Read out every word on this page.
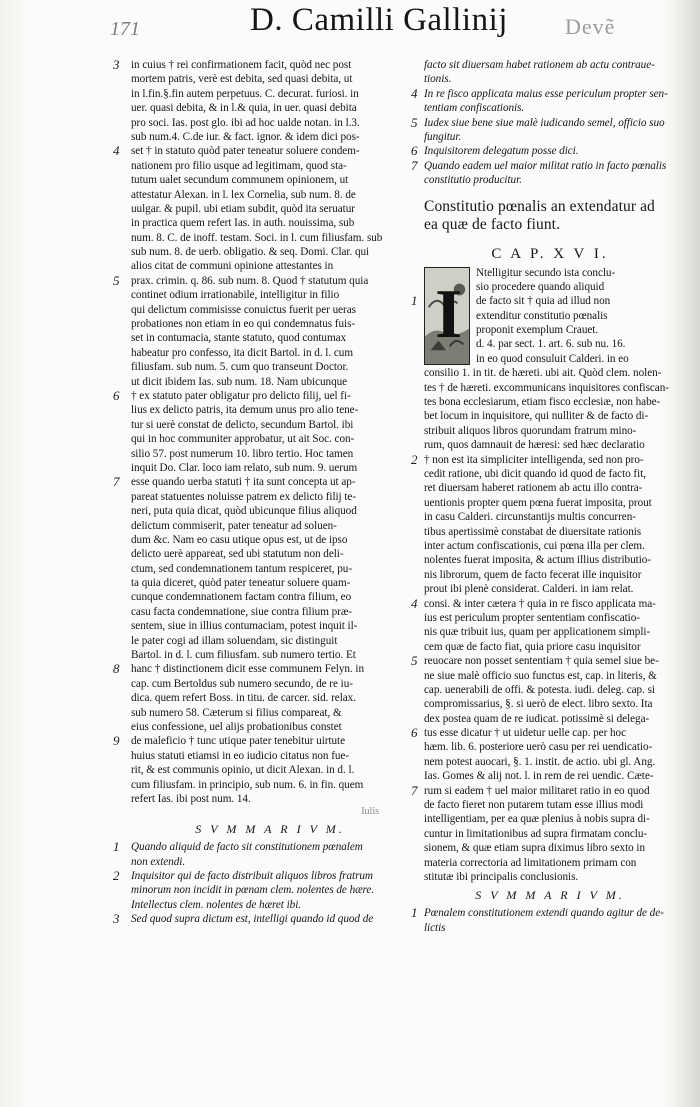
171	D. Camilli Gallinij	Devẽ
3 in cuius † rei confirmationem facit, quòd nec post
mortem patris, verè est debita, sed quasi debita, ut
in l.fin.§.fin autem perpetuus. C. decurat. furiosi. in
uer. quasi debita, & in l.& quia, in uer. quasi debita
pro soci. Ias. post glo. ibi ad hoc ualde notan. in l.3.
sub num.4. C.de iur. & fact. ignor. & idem dici pos-
4 set † in statuto quòd pater teneatur soluere condem-
nationem pro filio usque ad legitimam, quod sta-
tutum ualet secundum communem opinionem, ut
attestatur Alexan. in l. lex Cornelia, sub num. 8. de
uulgar. & pupil. ubi etiam subdit, quòd ita seruatur
in practica quem refert Ias. in auth. nouissima, sub
num. 8. C. de inoff. testam. Soci. in l. cum filiusfam. sub
sub num. 8. de uerb. obligatio. & seq. Domi. Clar. qui
alios citat de communi opinione attestantes in
5 prax. crimin. q. 86. sub num. 8. Quod † statutum quia
continet odium irrationabile, intelligitur in filio
qui delictum commisisse conuictus fuerit per ueras
probationes non etiam in eo qui condemnatus fuis-
set in contumacia, stante statuto, quod contumax
habeatur pro confesso, ita dicit Bartol. in d. l. cum
filiusfam. sub num. 5. cum quo transeunt Doctor.
ut dicit ibidem Ias. sub num. 18. Nam ubicunque
6 † ex statuto pater obligatur pro delicto filij, uel fi-
lius ex delicto patris, ita demum unus pro alio tene-
tur si uerè constat de delicto, secundum Bartol. ibi
qui in hoc communiter approbatur, ut ait Soc. con-
silio 57. post numerum 10. libro tertio. Hoc tamen
inquit Do. Clar. loco iam relato, sub num. 9. uerum
7 esse quando uerba statuti † ita sunt concepta ut ap-
pareat statuentes noluisse patrem ex delicto filij te-
neri, puta quia dicat, quòd ubicunque filius aliquod
delictum commiserit, pater teneatur ad soluen-
dum &c. Nam eo casu utique opus est, ut de ipso
delicto uerè appareat, sed ubi statutum non deli-
ctum, sed condemnationem tantum respiceret, pu-
ta quia diceret, quòd pater teneatur soluere quam-
cunque condemnationem factam contra filium, eo
casu facta condemnatione, siue contra filium præ-
sentem, siue in illius contumaciam, potest inquit il-
le pater cogi ad illam soluendam, sic distinguit
Bartol. in d. l. cum filiusfam. sub numero tertio. Et
8 hanc † distinctionem dicit esse communem Felyn. in
cap. cum Bertoldus sub numero secundo, de re iu-
dica. quem refert Boss. in titu. de carcer. sid. relax.
sub numero 58. Cæterum si filius compareat, &
eius confessione, uel alijs probationibus constet
9 de maleficio † tunc utique pater tenebitur uirtute
huius statuti etiamsi in eo iudicio citatus non fue-
rit, & est communis opinio, ut dicit Alexan. in d. l.
cum filiusfam. in principio, sub num. 6. in fin. quem
refert Ias. ibi post num. 14.
Iulis
S V M M A R I V M.
1 Quando aliquid de facto sit constitutionem pœnalem
non extendi.
2 Inquisitor qui de facto distribuit aliquos libros fratrum
minorum non incidit in pœnam clem. nolentes de hære.
Intellectus clem. nolentes de hæret ibi.
3 Sed quod supra dictum est, intelligi quando id quod de
facto sit diuersam habet rationem ab actu contraue-
tionis.
4 In re fisco applicata maius esse periculum propter sen-
tentiam confiscationis.
5 Iudex siue bene siue malè iudicando semel, officio suo
fungitur.
6 Inquisitorem delegatum posse dici.
7 Quando eadem uel maior militat ratio in facto pœnalis
constitutio producitur.
Constitutio pœnalis an extendatur ad
ea quæ de facto fiunt.
C A P. X V I.
I
Ntelligitur secundo ista conclu-
sio procedere quando aliquid
1	de facto sit † quia ad illud non
extenditur constitutio pœnalis
proponit exemplum Crauet.
d. 4. par sect. 1. art. 6. sub nu. 16.
in eo quod consuluit Calderi. in eo
consilio 1. in tit. de hæreti. ubi ait. Quòd clem. nolen-
tes † de hæreti. excommunicans inquisitores confiscan-
tes bona ecclesiarum, etiam fisco ecclesiæ, non habe-
bet locum in inquisitore, qui nulliter & de facto di-
stribuit aliquos libros quorundam fratrum mino-
rum, quos damnauit de hæresi: sed hæc declaratio
2 † non est ita simpliciter intelligenda, sed non pro-
cedit ratione, ubi dicit quando id quod de facto fit,
ret diuersam haberet rationem ab actu illo contra-
uentionis propter quem pœna fuerat imposita, prout
in casu Calderi. circunstantijs multis concurren-
tibus apertissimè constabat de diuersitate rationis
inter actum confiscationis, cui pœna illa per clem.
nolentes fuerat imposita, & actum illius distributio-
nis librorum, quem de facto fecerat ille inquisitor
prout ibi plenè considerat. Calderi. in iam relat.
4 consi. & inter cætera † quia in re fisco applicata ma-
ius est periculum propter sententiam confiscatio-
nis quæ tribuit ius, quam per applicationem simpli-
cem quæ de facto fiat, quia priore casu inquisitor
5 reuocare non posset sententiam † quia semel siue be-
ne siue malè officio suo functus est, cap. in literis, &
cap. uenerabili de offi. & potesta. iudi. deleg. cap. si
compromissarius, §. si uerò de elect. libro sexto. Ita
dex postea quam de re iudicat. potissimè si delega-
6 tus esse dicatur † ut uidetur uelle cap. per hoc
hæm. lib. 6. posteriore uerò casu per rei uendicatio-
nem potest auocari, §. 1. instit. de actio. ubi gl. Ang.
Ias. Gomes & alij not. l. in rem de rei uendic. Cæte-
7 rum si eadem † uel maior militaret ratio in eo quod
de facto fieret non putarem tutam esse illius modi
intelligentiam, per ea quæ plenius à nobis supra di-
cuntur in limitationibus ad supra firmatam conclu-
sionem, & quæ etiam supra diximus libro sexto in
materia correctoria ad limitationem primam con
stitutæ ibi principalis conclusionis.
S V M M A R I V M.
1 Pœnalem constitutionem extendi quando agitur de de-
lictis
